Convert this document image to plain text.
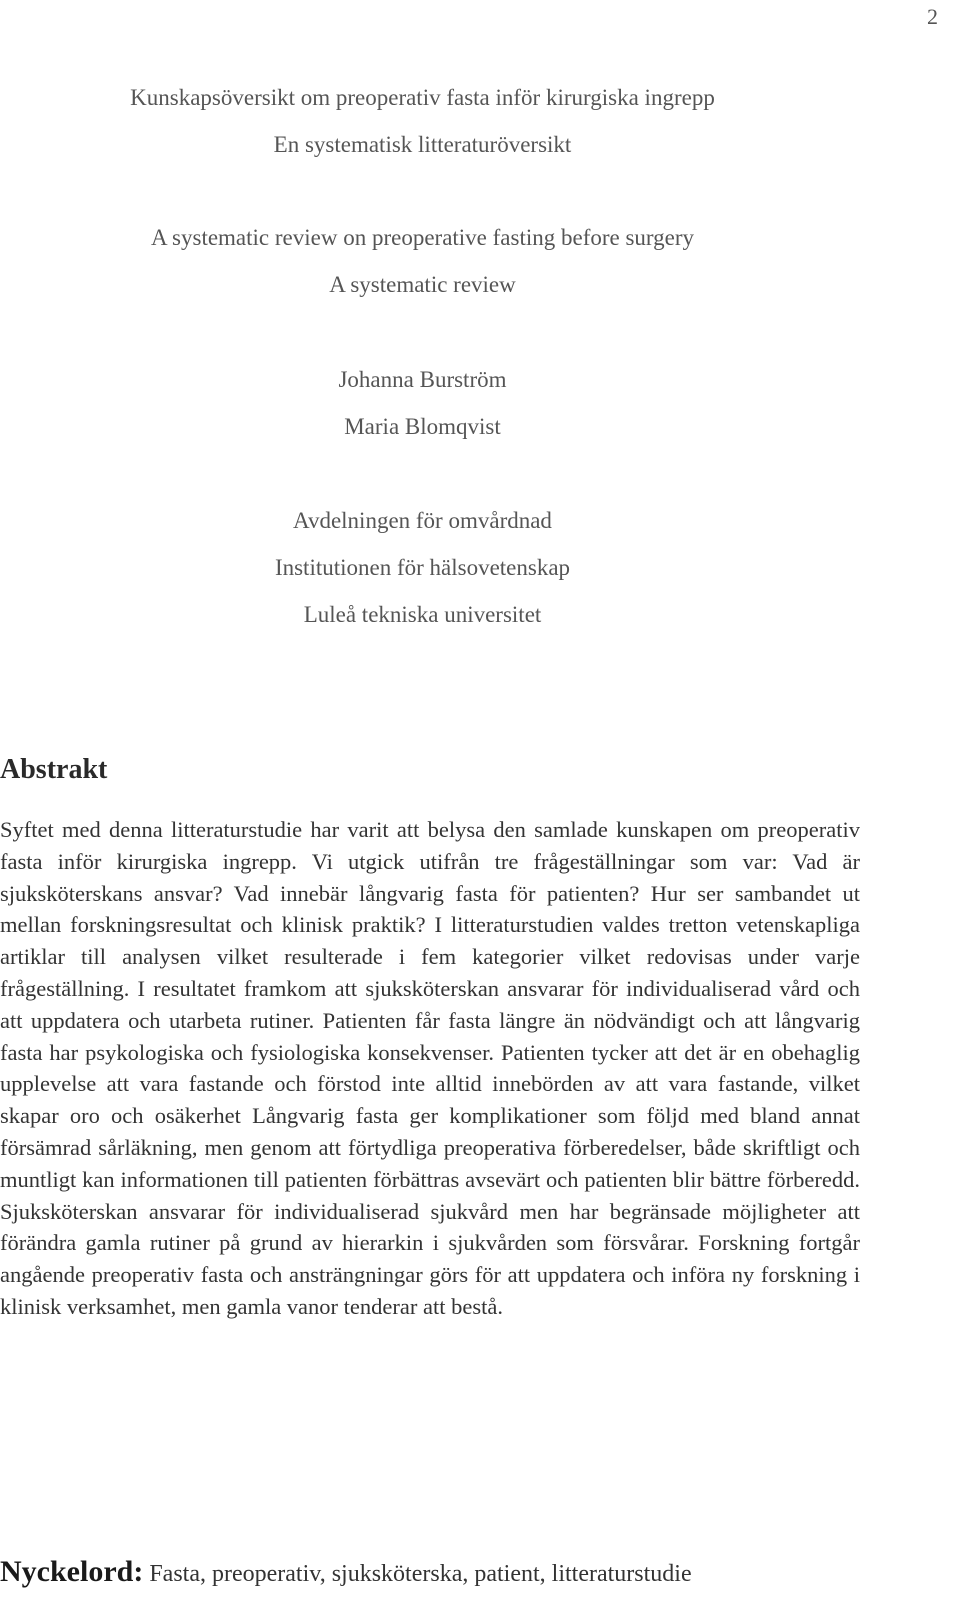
2
Kunskapsöversikt om preoperativ fasta inför kirurgiska ingrepp
En systematisk litteraturöversikt
A systematic review on preoperative fasting before surgery
A systematic review
Johanna Burström
Maria Blomqvist
Avdelningen för omvårdnad
Institutionen för hälsovetenskap
Luleå tekniska universitet
Abstrakt
Syftet med denna litteraturstudie har varit att belysa den samlade kunskapen om preoperativ fasta inför kirurgiska ingrepp. Vi utgick utifrån tre frågeställningar som var: Vad är sjuksköterskans ansvar? Vad innebär långvarig fasta för patienten? Hur ser sambandet ut mellan forskningsresultat och klinisk praktik? I litteraturstudien valdes tretton vetenskapliga artiklar till analysen vilket resulterade i fem kategorier vilket redovisas under varje frågeställning. I resultatet framkom att sjuksköterskan ansvarar för individualiserad vård och att uppdatera och utarbeta rutiner. Patienten får fasta längre än nödvändigt och att långvarig fasta har psykologiska och fysiologiska konsekvenser. Patienten tycker att det är en obehaglig upplevelse att vara fastande och förstod inte alltid innebörden av att vara fastande, vilket skapar oro och osäkerhet Långvarig fasta ger komplikationer som följd med bland annat försämrad sårläkning, men genom att förtydliga preoperativa förberedelser, både skriftligt och muntligt kan informationen till patienten förbättras avsevärt och patienten blir bättre förberedd. Sjuksköterskan ansvarar för individualiserad sjukvård men har begränsade möjligheter att förändra gamla rutiner på grund av hierarkin i sjukvården som försvårar. Forskning fortgår angående preoperativ fasta och ansträngningar görs för att uppdatera och införa ny forskning i klinisk verksamhet, men gamla vanor tenderar att bestå.
Nyckelord: Fasta, preoperativ, sjuksköterska, patient, litteraturstudie
